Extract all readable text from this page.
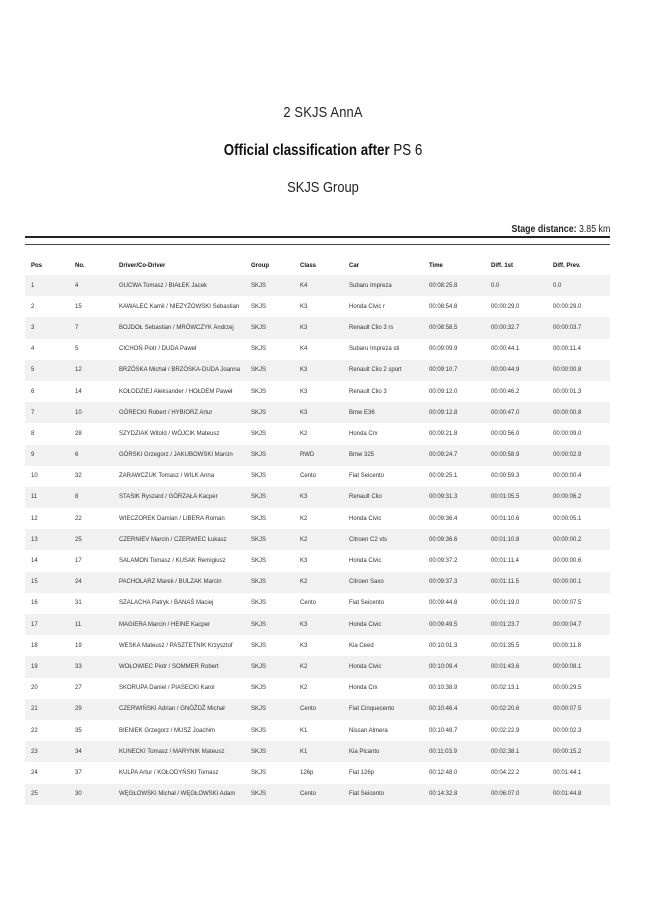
2 SKJS AnnA
Official classification after PS 6
SKJS Group
Stage distance: 3.85 km
Pos	No.	Driver/Co-Driver	Group	Class	Car	Time	Diff. 1st	Diff. Prev.
1	4	GUCWA Tomasz / BIAŁEK Jacek	SKJS	K4	Subaru Impreza	00:08:25.8	0.0	0.0
2	15	KAWALEC Kamil / NIEZYŻOWSKI Sebastian	SKJS	K3	Honda Civic r	00:08:54.8	00:00:29.0	00:00:29.0
3	7	BOJDOŁ Sebastian / MRÓWCZYK Andrzej	SKJS	K3	Renault Clio 3 rs	00:08:58.5	00:00:32.7	00:00:03.7
4	5	CICHOŃ Piotr / DUDA Paweł	SKJS	K4	Subaru Impreza sti	00:09:09.9	00:00:44.1	00:00:11.4
5	12	BRZÓSKA Michał / BRZÓSKA-DUDA Joanna	SKJS	K3	Renault Clio 2 sport	00:09:10.7	00:00:44.9	00:00:00.8
6	14	KOŁODZIEJ Aleksander / HOŁDEM Paweł	SKJS	K3	Renault Clio 3	00:09:12.0	00:00:46.2	00:00:01.3
7	10	GÓRECKI Robert / HYBIORZ Artur	SKJS	K3	Bmw E36	00:09:12.8	00:00:47.0	00:00:00.8
8	28	SZYDZIAK Witold / WÓJCIK Mateusz	SKJS	K2	Honda Crx	00:09:21.8	00:00:56.0	00:00:09.0
9	6	GÓRSKI Grzegorz / JAKUBOWSKI Marcin	SKJS	RWD	Bmw 325	00:09:24.7	00:00:58.9	00:00:02.9
10	32	ZARAWCZUK Tomasz / WILK Anna	SKJS	Cento	Fiat Seicento	00:09:25.1	00:00:59.3	00:00:00.4
11	8	STASIK Ryszard / GÓRZAŁA Kacper	SKJS	K3	Renault Clio	00:09:31.3	00:01:05.5	00:00:06.2
12	22	WIECZOREK Damian / LIBERA Roman	SKJS	K2	Honda Civic	00:09:36.4	00:01:10.6	00:00:05.1
13	25	CZERNIEV Marcin / CZERWIEC Łukasz	SKJS	K2	Citroen C2 vts	00:09:36.6	00:01:10.8	00:00:00.2
14	17	SALAMON Tomasz / KUSAK Remigiusz	SKJS	K3	Honda Civic	00:09:37.2	00:01:11.4	00:00:00.6
15	24	PACHOLARZ Marek / BULZAK Marcin	SKJS	K2	Citroen Saxo	00:09:37.3	00:01:11.5	00:00:00.1
16	31	SZALACHA Patryk / BANAŚ Maciej	SKJS	Cento	Fiat Seicento	00:09:44.8	00:01:19.0	00:00:07.5
17	11	MAGIERA Marcin / HEINE Kacper	SKJS	K3	Honda Civic	00:09:49.5	00:01:23.7	00:00:04.7
18	19	WESKA Mateusz / PASZTETNIK Krzysztof	SKJS	K3	Kia Ceed	00:10:01.3	00:01:35.5	00:00:11.8
19	33	WOŁOWIEC Piotr / SOMMER Robert	SKJS	K2	Honda Civic	00:10:09.4	00:01:43.6	00:00:08.1
20	27	SKORUPA Daniel / PIASECKI Karol	SKJS	K2	Honda Crx	00:10:38.9	00:02:13.1	00:00:29.5
21	29	CZERWIŃSKI Adrian / GNÓŹDŹ Michał	SKJS	Cento	Fiat Cinquecento	00:10:46.4	00:02:20.6	00:00:07.5
22	35	BIENIEK Grzegorz / MUSZ Joachim	SKJS	K1	Nissan Almera	00:10:48.7	00:02:22.9	00:00:02.3
23	34	KUNECKI Tomasz / MARYNIK Mateusz	SKJS	K1	Kia Picanto	00:11:03.9	00:02:38.1	00:00:15.2
24	37	KULPA Artur / KOŁODYŃSKI Tomasz	SKJS	126p	Fiat 126p	00:12:48.0	00:04:22.2	00:01:44.1
25	30	WĘGŁOWSKI Michał / WĘGŁOWSKI Adam	SKJS	Cento	Fiat Seicento	00:14:32.8	00:06:07.0	00:01:44.8
